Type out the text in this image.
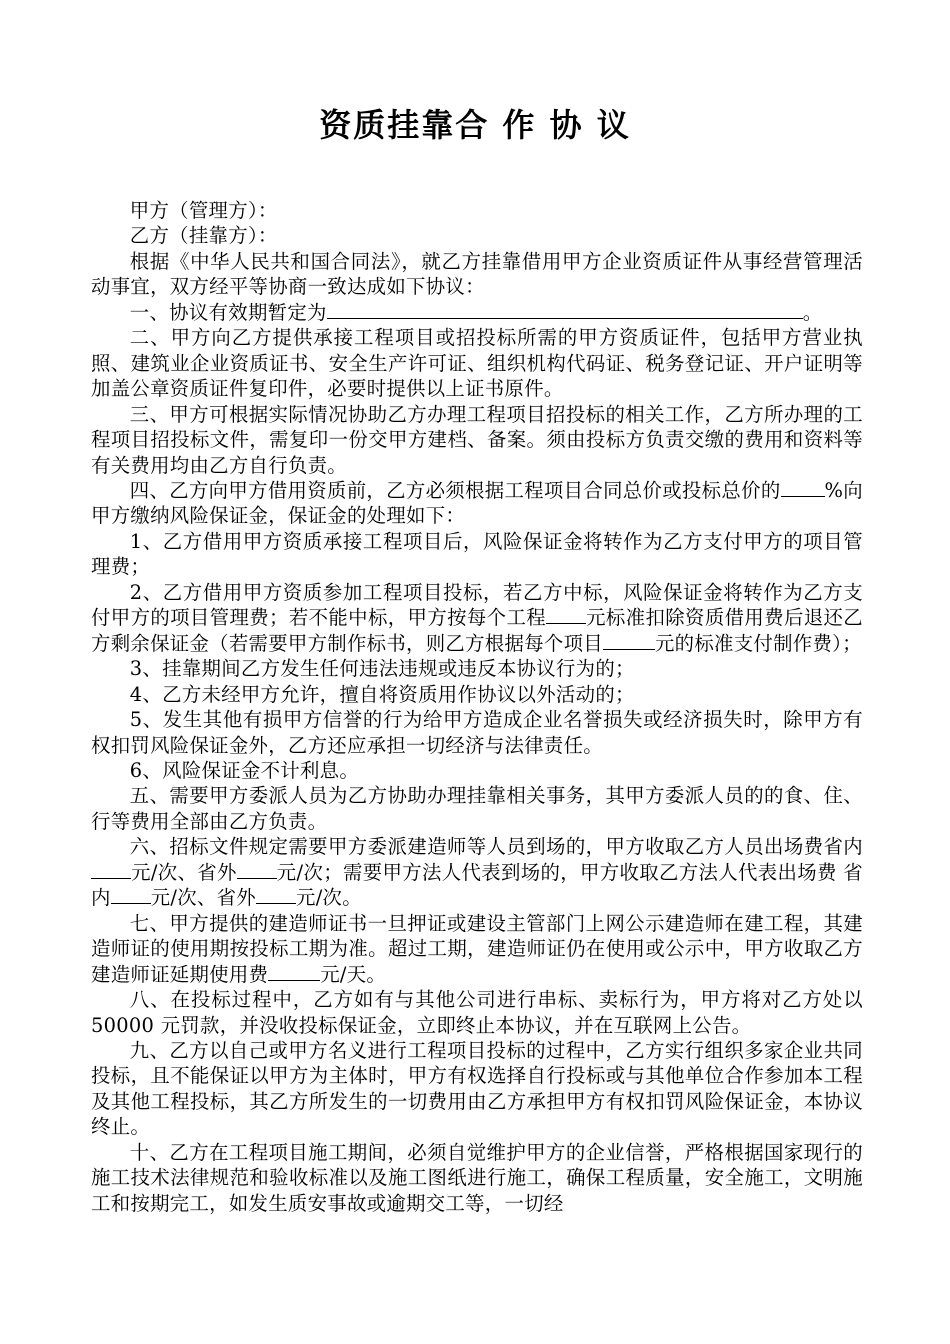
资质挂靠合 作 协 议

甲方（管理方）：

乙方（挂靠方）：

根据《中华人民共和国合同法》，就乙方挂靠借用甲方企业资质证件从事经营管理活动事宜，双方经平等协商一致达成如下协议：

一、协议有效期暂定为	。

二、甲方向乙方提供承接工程项目或招投标所需的甲方资质证件，包括甲方营业执照、建筑业企业资质证书、安全生产许可证、组织机构代码证、税务登记证、开户证明等加盖公章资质证件复印件，必要时提供以上证书原件。

三、甲方可根据实际情况协助乙方办理工程项目招投标的相关工作，乙方所办理的工程项目招投标文件，需复印一份交甲方建档、备案。须由投标方负责交缴的费用和资料等有关费用均由乙方自行负责。

四、乙方向甲方借用资质前，乙方必须根据工程项目合同总价或投标总价的 %向甲方缴纳风险保证金，保证金的处理如下：

1、乙方借用甲方资质承接工程项目后，风险保证金将转作为乙方支付甲方的项目管理费；

2、乙方借用甲方资质参加工程项目投标，若乙方中标，风险保证金将转作为乙方支付甲方的项目管理费；若不能中标，甲方按每个工程 元标准扣除资质借用费后退还乙方剩余保证金（若需要甲方制作标书，则乙方根据每个项目	元的标准支付制作费）；

3、挂靠期间乙方发生任何违法违规或违反本协议行为的；

4、乙方未经甲方允许，擅自将资质用作协议以外活动的；

5、发生其他有损甲方信誉的行为给甲方造成企业名誉损失或经济损失时，除甲方有权扣罚风险保证金外，乙方还应承担一切经济与法律责任。

6、风险保证金不计利息。

五、需要甲方委派人员为乙方协助办理挂靠相关事务，其甲方委派人员的的食、住、行等费用全部由乙方负责。

六、招标文件规定需要甲方委派建造师等人员到场的，甲方收取乙方人员出场费省内元/次、省外 元/次；需要甲方法人代表到场的，甲方收取乙方法人代表出场费 省内 元/次、省外 元/次。

七、甲方提供的建造师证书一旦押证或建设主管部门上网公示建造师在建工程，其建造师证的使用期按投标工期为准。超过工期，建造师证仍在使用或公示中，甲方收取乙方建造师证延期使用费	元/天。

八、在投标过程中，乙方如有与其他公司进行串标、卖标行为，甲方将对乙方处以 50000 元罚款，并没收投标保证金，立即终止本协议，并在互联网上公告。

九、乙方以自己或甲方名义进行工程项目投标的过程中，乙方实行组织多家企业共同投标，且不能保证以甲方为主体时，甲方有权选择自行投标或与其他单位合作参加本工程及其他工程投标，其乙方所发生的一切费用由乙方承担甲方有权扣罚风险保证金，本协议终止。

十、乙方在工程项目施工期间，必须自觉维护甲方的企业信誉，严格根据国家现行的施工技术法律规范和验收标准以及施工图纸进行施工，确保工程质量，安全施工，文明施工和按期完工，如发生质安事故或逾期交工等，一切经
